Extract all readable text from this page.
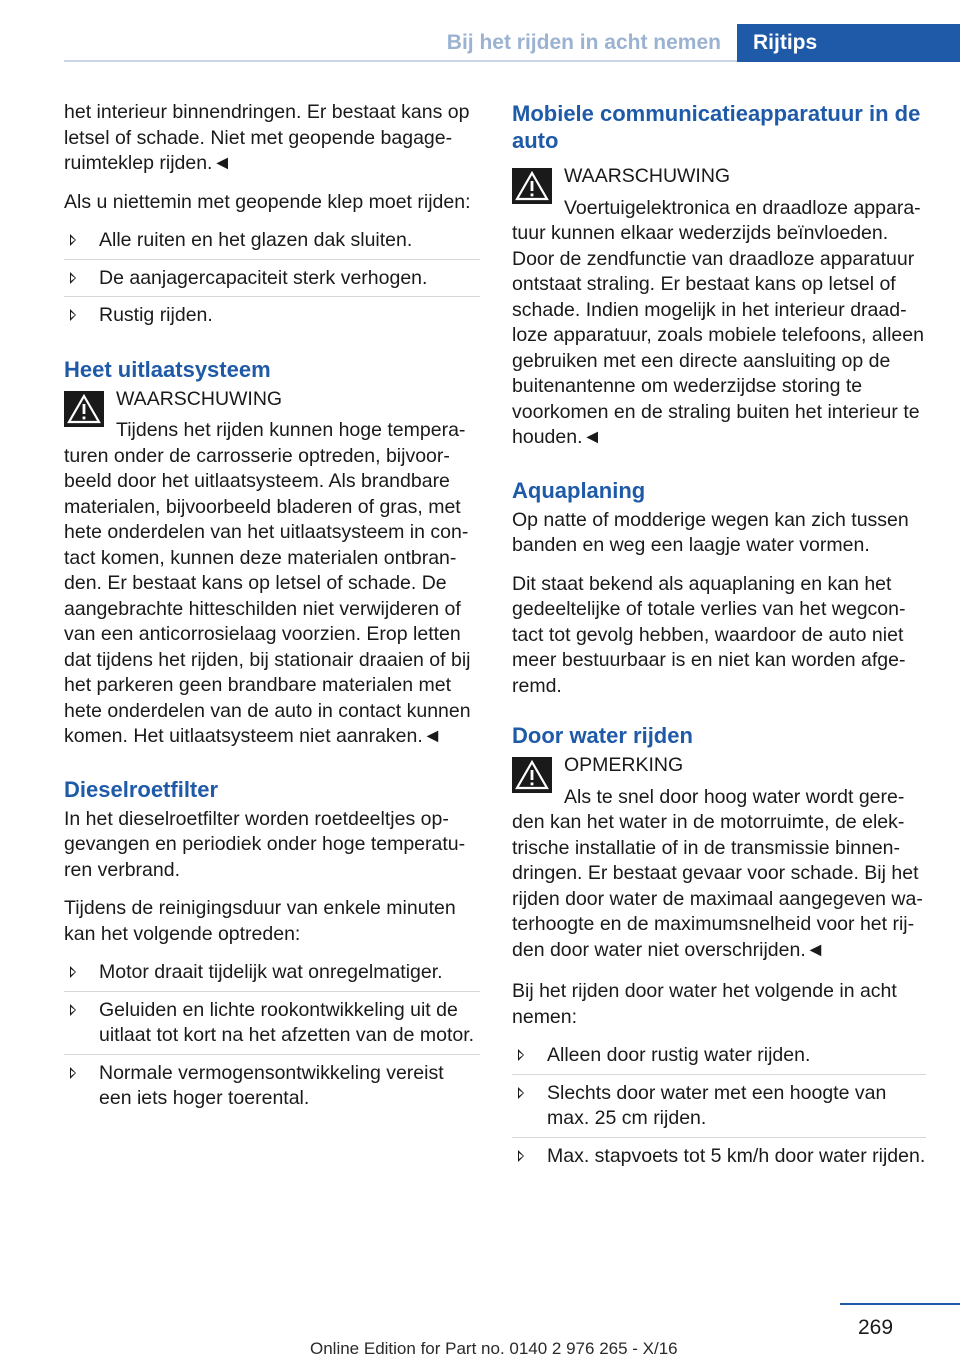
Bij het rijden in acht nemen	Rijtips

het interieur binnendringen. Er bestaat kans op letsel of schade. Niet met geopende bagageruimteklep rijden.◄

Als u niettemin met geopende klep moet rijden:

Alle ruiten en het glazen dak sluiten.
De aanjagercapaciteit sterk verhogen.
Rustig rijden.
Heet uitlaatsysteem
WAARSCHUWING

Tijdens het rijden kunnen hoge temperaturen onder de carrosserie optreden, bijvoorbeeld door het uitlaatsysteem. Als brandbare materialen, bijvoorbeeld bladeren of gras, met hete onderdelen van het uitlaatsysteem in contact komen, kunnen deze materialen ontbranden. Er bestaat kans op letsel of schade. De aangebrachte hitteschilden niet verwijderen of van een anticorrosielaag voorzien. Erop letten dat tijdens het rijden, bij stationair draaien of bij het parkeren geen brandbare materialen met hete onderdelen van de auto in contact kunnen komen. Het uitlaatsysteem niet aanraken.◄

Dieselroetfilter

In het dieselroetfilter worden roetdeeltjes opgevangen en periodiek onder hoge temperaturen verbrand.

Tijdens de reinigingsduur van enkele minuten kan het volgende optreden:

Motor draait tijdelijk wat onregelmatiger.
Geluiden en lichte rookontwikkeling uit de uitlaat tot kort na het afzetten van de motor.
Normale vermogensontwikkeling vereist een iets hoger toerental.
Mobiele communicatieapparatuur in de auto
WAARSCHUWING

Voertuigelektronica en draadloze apparatuur kunnen elkaar wederzijds beïnvloeden. Door de zendfunctie van draadloze apparatuur ontstaat straling. Er bestaat kans op letsel of schade. Indien mogelijk in het interieur draadloze apparatuur, zoals mobiele telefoons, alleen gebruiken met een directe aansluiting op de buitenantenne om wederzijdse storing te voorkomen en de straling buiten het interieur te houden.◄

Aquaplaning

Op natte of modderige wegen kan zich tussen banden en weg een laagje water vormen.

Dit staat bekend als aquaplaning en kan het gedeeltelijke of totale verlies van het wegcontact tot gevolg hebben, waardoor de auto niet meer bestuurbaar is en niet kan worden afgeremd.

Door water rijden
OPMERKING

Als te snel door hoog water wordt gereden kan het water in de motorruimte, de elektrische installatie of in de transmissie binnendringen. Er bestaat gevaar voor schade. Bij het rijden door water de maximaal aangegeven waterhoogte en de maximumsnelheid voor het rijden door water niet overschrijden.◄

Bij het rijden door water het volgende in acht nemen:

Alleen door rustig water rijden.
Slechts door water met een hoogte van max. 25 cm rijden.
Max. stapvoets tot 5 km/h door water rijden.
269
Online Edition for Part no. 0140 2 976 265 - X/16
